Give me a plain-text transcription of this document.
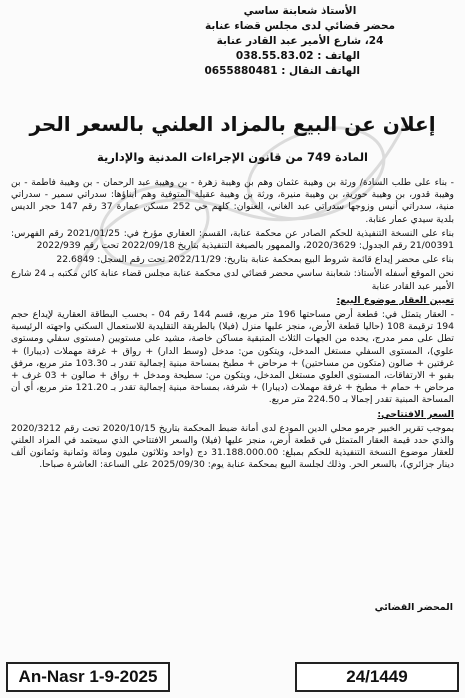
الأستاذ شعابنة ساسي
محضر قضائي لدى مجلس قضاء عنابة
24، شارع الأمير عبد القادر عنابة
الهاتف : 038.55.83.02
الهاتف النقال : 0655880481
إعلان عن البيع بالمزاد العلني بالسعر الحر
المادة 749 من قانون الإجراءات المدنية والإدارية

- بناء على طلب السادة/ ورثة بن وهيبة عثمان وهم بن وهيبة زهرة - بن وهيبة عبد الرحمان - بن وهيبة فاطمة - بن وهيبة قدور، بن وهيبة حورية، بن وهيبة منيرة، ورثة بن وهيبة عقيلة المتوفية وهم أبناؤها: سدراتي سمير - سدراتي منية، سدراتي أنيس وزوجها سدراتي عبد الغاني، العنوان: كلهم حي 252 مسكن عمارة 37 رقم 147 حجر الديس بلدية سيدي عمار عنابة.

بناء على النسخة التنفيذية للحكم الصادر عن محكمة عنابة، القسم: العقاري مؤرخ في: 2021/01/25 رقم الفهرس: 21/00391 رقم الجدول: 2020/3629، والممهور بالصيغة التنفيذية بتاريخ 2022/09/18 تحت رقم 2022/939

بناء على محضر إيداع قائمة شروط البيع بمحكمة عنابة بتاريخ: 2022/11/29 تحت رقم السجل: 22.6849

نحن الموقع أسفله الأستاذ: شعابنة ساسي محضر قضائي لدى محكمة عنابة مجلس قضاء عنابة كائن مكتبه بـ 24 شارع الأمير عبد القادر عنابة

تعيين العقار موضوع البيع:

- العقار يتمثل في: قطعة أرض مساحتها 196 متر مربع، قسم 144 رقم 04 - بحسب البطاقة العقارية لإيداع حجم 194 ترقيمة 108 (حاليا قطعة الأرض، منجز عليها منزل (فيلا) بالطريقة التقليدية للاستعمال السكني واجهته الرئيسية تطل على ممر مدرج، يحده من الجهات الثلاث المتبقية مساكن خاصة، مشيد على مستويين (مستوى سفلي ومستوى علوي)، المستوى السفلي مستغل المدخل، ويتكون من: مدخل (وسط الدار) + رواق + غرفة مهملات (ديبارا) + غرفتين + صالون (متكون من مساحتين) + مرحاض + مطبخ بمساحة مبنية إجمالية تقدر بـ 103.30 متر مربع، مرفق بقبو + الارتفاقات، المستوى العلوي مستغل المدخل، ويتكون من: سطيحة ومدخل + رواق + صالون + 03 غرف + مرحاض + حمام + مطبخ + غرفة مهملات (ديبارا) + شرفة، بمساحة مبنية إجمالية تقدر بـ 121.20 متر مربع، أي أن المساحة المبنية تقدر إجمالا بـ 224.50 متر مربع.

السعر الافتتاحي:

بموجب تقرير الخبير جرمو محلي الدين المودع لدى أمانة ضبط المحكمة بتاريخ 2020/10/15 تحت رقم 2020/3212 والذي حدد قيمة العقار المتمثل في قطعة أرض، منجز عليها (فيلا) والسعر الافتتاحي الذي سيعتمد في المزاد العلني للعقار موضوع النسخة التنفيذية للحكم بمبلغ: 31.188.000.00 دج (واحد وثلاثون مليون ومائة وثمانية وثمانون ألف دينار جزائري)، بالسعر الحر. وذلك لجلسة البيع بمحكمة عنابة يوم: 2025/09/30 على الساعة: العاشرة صباحا.

المحضر القضائي
An-Nasr 1-9-2025	24/1449
